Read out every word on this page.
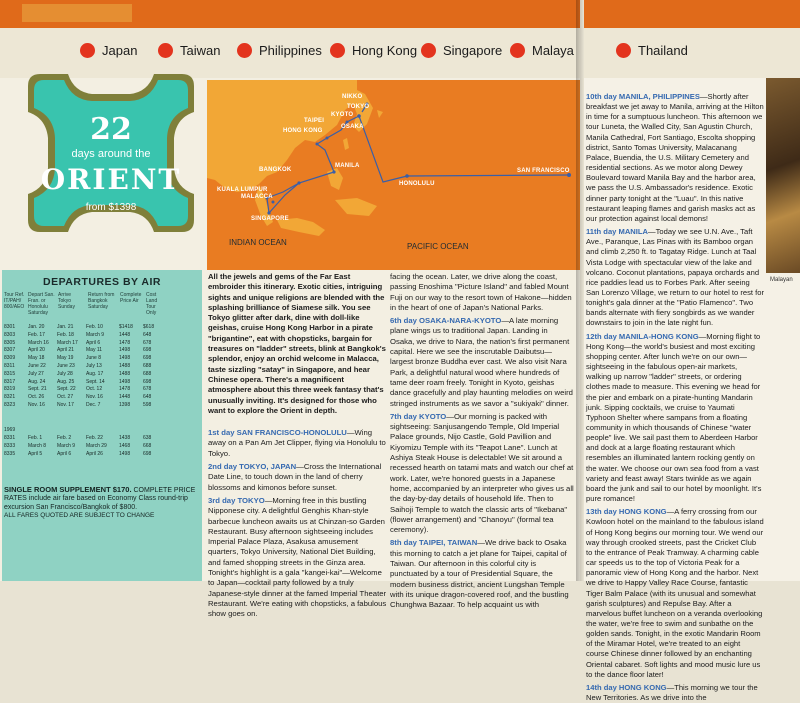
Japan	Taiwan	Philippines Hong Kong Singapore Malaya
NIKKO
TOKYO
KYOTO
OSAKA
TAIPEI
HONG KONG
MANILA
BANGKOK
KUALA LUMPUR
MALACCA
SINGAPORE
HONOLULU
SAN FRANCISCO
INDIAN OCEAN	PACIFIC OCEAN
22
days around the
ORIENT
from $1398
DEPARTURES BY AIR
Tour Ref. IT/PAH/ 800/AEO
Depart San. Fran. or Honolulu Saturday
Arrive Tokyo Sunday
Return from Bangkok Saturday
Complete Price Air
Cost Land Tour Only
8301	Jan. 20	Jan. 21	Feb. 10	$1418	$618
8303	Feb. 17	Feb. 18	March 9	1448	648
8305	March 16	March 17	April 6	1478	678
8307	April 20	April 21	May 11	1498	698
8309	May 18	May 19	June 8	1498	698
8311	June 22	June 23	July 13	1488	688
8315	July 27	July 28	Aug. 17	1488	688
8317	Aug. 24	Aug. 25	Sept. 14	1498	698
8319	Sept. 21	Sept. 22	Oct. 12	1478	678
8321	Oct. 26	Oct. 27	Nov. 16	1448	648
8323	Nov. 16	Nov. 17	Dec. 7	1398	598
1969
8331	Feb. 1	Feb. 2	Feb. 22	1438	638
8333	March 8	March 9	March 29	1468	668
8335	April 5	April 6	April 26	1498	698
SINGLE ROOM SUPPLEMENT $170. COMPLETE PRICE RATES include air fare based on Economy Class round-trip excursion San Francisco/Bangkok of $800.
ALL FARES QUOTED ARE SUBJECT TO CHANGE

All the jewels and gems of the Far East embroider this itinerary. Exotic cities, intriguing sights and unique religions are blended with the splashing brilliance of Siamese silk. You see Tokyo glitter after dark, dine with doll-like geishas, cruise Hong Kong Harbor in a pirate "brigantine", eat with chopsticks, bargain for treasures on "ladder" streets, blink at Bangkok's splendor, enjoy an orchid welcome in Malacca, taste sizzling "satay" in Singapore, and hear Chinese opera. There's a magnificent atmosphere about this three week fantasy that's unusually inviting. It's designed for those who want to explore the Orient in depth.

1st day SAN FRANCISCO-HONOLULU—Wing away on a Pan Am Jet Clipper, flying via Honolulu to Tokyo.

2nd day TOKYO, JAPAN—Cross the International Date Line, to touch down in the land of cherry blossoms and kimonos before sunset.

3rd day TOKYO—Morning free in this bustling Nipponese city. A delightful Genghis Khan-style barbecue luncheon awaits us at Chinzan-so Garden Restaurant. Busy afternoon sightseeing includes Imperial Palace Plaza, Asakusa amusement quarters, Tokyo University, National Diet Building, and famed shopping streets in the Ginza area. Tonight's highlight is a gala "kangei-kai"—Welcome to Japan—cocktail party followed by a truly Japanese-style dinner at the famed Imperial Theater Restaurant. We're eating with chopsticks, a fabulous show goes on.

facing the ocean. Later, we drive along the coast, passing Enoshima "Picture Island" and fabled Mount Fuji on our way to the resort town of Hakone—hidden in the heart of one of Japan's National Parks.

6th day OSAKA-NARA-KYOTO—A late morning plane wings us to traditional Japan. Landing in Osaka, we drive to Nara, the nation's first permanent capital. Here we see the inscrutable Daibutsu—largest bronze Buddha ever cast. We also visit Nara Park, a delightful natural wood where hundreds of tame deer roam freely. Tonight in Kyoto, geishas dance gracefully and play haunting melodies on weird stringed instruments as we savor a "sukiyaki" dinner.

7th day KYOTO—Our morning is packed with sightseeing: Sanjusangendo Temple, Old Imperial Palace grounds, Nijo Castle, Gold Pavillion and Kiyomizu Temple with its "Teapot Lane". Lunch at Ashiya Steak House is delectable! We sit around a recessed hearth on tatami mats and watch our chef at work. Later, we're honored guests in a Japanese home, accompanied by an interpreter who gives us all the day-by-day details of household life. Then to Saihoji Temple to watch the classic arts of "Ikebana" (flower arrangement) and "Chanoyu" (formal tea ceremony).

8th day TAIPEI, TAIWAN—We drive back to Osaka this morning to catch a jet plane for Taipei, capital of Taiwan. Our afternoon in this colorful city is punctuated by a tour of Presidential Square, the modern business district, ancient Lungshan Temple with its unique dragon-covered roof, and the bustling Chunghwa Bazaar. To help acquaint us with

Thailand

10th day MANILA, PHILIPPINES—Shortly after breakfast we jet away to Manila, arriving at the Hilton in time for a sumptuous luncheon. This afternoon we tour Luneta, the Walled City, San Agustin Church, Manila Cathedral, Fort Santiago, Escolta shopping district, Santo Tomas University, Malacanang Palace, Buendia, the U.S. Military Cemetery and residential sections. As we motor along Dewey Boulevard toward Manila Bay and the harbor area, we pass the U.S. Ambassador's residence. Exotic dinner party tonight at the "Luau". In this native restaurant leaping flames and garish masks act as our protection against local demons!

11th day MANILA—Today we see U.N. Ave., Taft Ave., Paranque, Las Pinas with its Bamboo organ and climb 2,250 ft. to Tagatay Ridge. Lunch at Taal Vista Lodge with spectacular view of the lake and volcano. Coconut plantations, papaya orchards and rice paddies lead us to Forbes Park. After seeing San Lorenzo Village, we return to our hotel to rest for tonight's gala dinner at the "Patio Flamenco". Two bands alternate with fiery songbirds as we wander downstairs to join in the late night fun.

12th day MANILA-HONG KONG—Morning flight to Hong Kong—the world's busiest and most exciting shopping center. After lunch we're on our own—sightseeing in the fabulous open-air markets, walking up narrow "ladder" streets, or ordering clothes made to measure. This evening we head for the pier and embark on a pirate-hunting Mandarin junk. Sipping cocktails, we cruise to Yaumati Typhoon Shelter where sampans from a floating community in which thousands of Chinese "water people" live. We sail past them to Aberdeen Harbor and dock at a large floating restaurant which resembles an illuminated lantern rocking gently on the water. We choose our own sea food from a vast variety and feast away! Stars twinkle as we again board the junk and sail to our hotel by moonlight. It's pure romance!

13th day HONG KONG—A ferry crossing from our Kowloon hotel on the mainland to the fabulous island of Hong Kong begins our morning tour. We wend our way through crooked streets, past the Cricket Club to the entrance of Peak Tramway. A charming cable car speeds us to the top of Victoria Peak for a panoramic view of Hong Kong and the harbor. Next we drive to Happy Valley Race Course, fantastic Tiger Balm Palace (with its unusual and somewhat garish sculptures) and Repulse Bay. After a marvelous buffet luncheon on a veranda overlooking the water, we're free to swim and sunbathe on the golden sands. Tonight, in the exotic Mandarin Room of the Miramar Hotel, we're treated to an eight course Chinese dinner followed by an enchanting Oriental cabaret. Soft lights and mood music lure us to the dance floor later!

14th day HONG KONG—This morning we tour the New Territories. As we drive into the

Malayan
